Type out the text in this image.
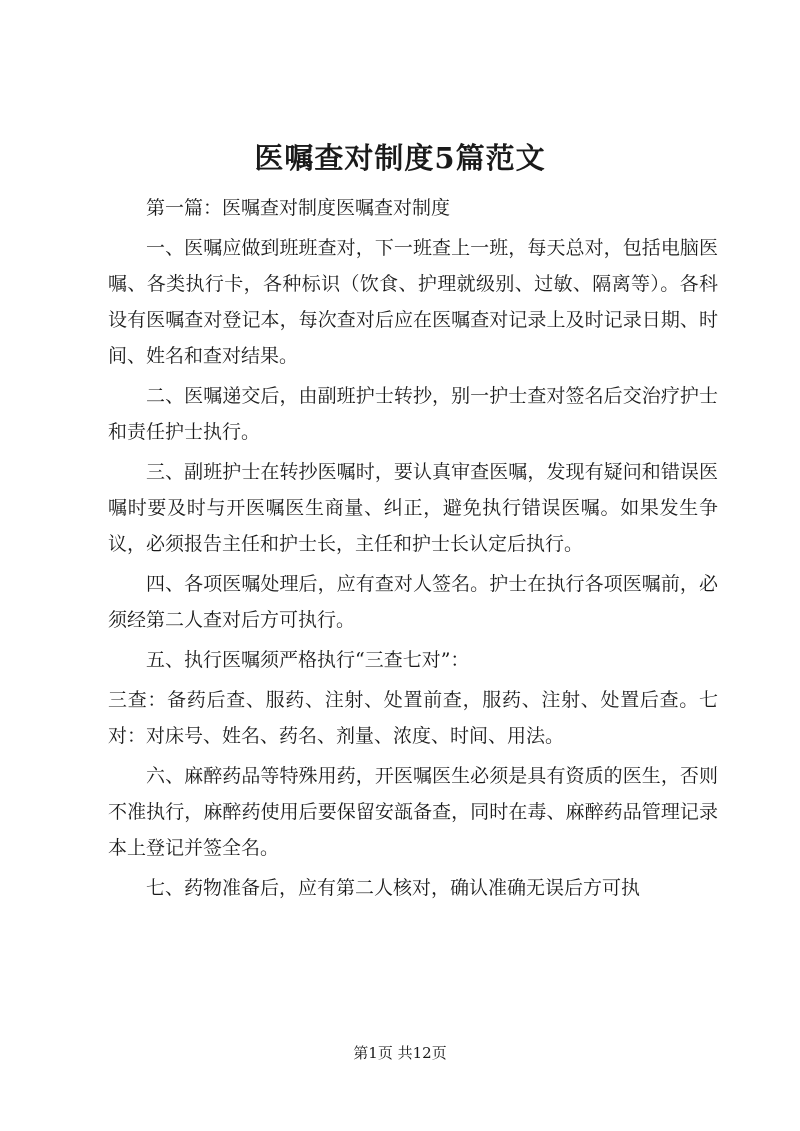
医嘱查对制度5篇范文

第一篇：医嘱查对制度医嘱查对制度

一、医嘱应做到班班查对，下一班查上一班，每天总对，包括电脑医嘱、各类执行卡，各种标识（饮食、护理就级别、过敏、隔离等）。各科设有医嘱查对登记本，每次查对后应在医嘱查对记录上及时记录日期、时间、姓名和查对结果。

二、医嘱递交后，由副班护士转抄，别一护士查对签名后交治疗护士和责任护士执行。

三、副班护士在转抄医嘱时，要认真审查医嘱，发现有疑问和错误医嘱时要及时与开医嘱医生商量、纠正，避免执行错误医嘱。如果发生争议，必须报告主任和护士长，主任和护士长认定后执行。

四、各项医嘱处理后，应有查对人签名。护士在执行各项医嘱前，必须经第二人查对后方可执行。

五、执行医嘱须严格执行“三查七对”：

三查：备药后查、服药、注射、处置前查，服药、注射、处置后查。七对：对床号、姓名、药名、剂量、浓度、时间、用法。

六、麻醉药品等特殊用药，开医嘱医生必须是具有资质的医生，否则不准执行，麻醉药使用后要保留安瓿备查，同时在毒、麻醉药品管理记录本上登记并签全名。

七、药物准备后，应有第二人核对，确认准确无误后方可执

第1页 共12页
